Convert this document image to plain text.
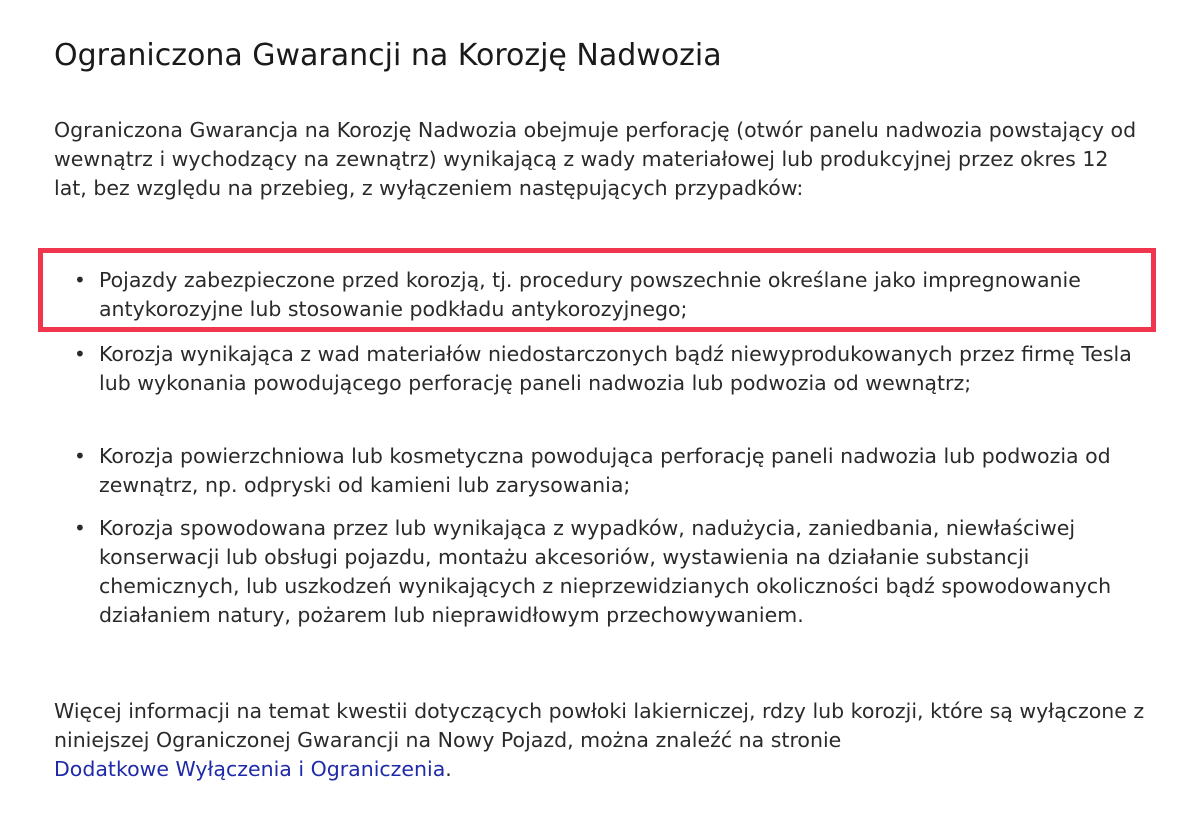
Ograniczona Gwarancji na Korozję Nadwozia

Ograniczona Gwarancja na Korozję Nadwozia obejmuje perforację (otwór panelu nadwozia powstający od wewnątrz i wychodzący na zewnątrz) wynikającą z wady materiałowej lub produkcyjnej przez okres 12 lat, bez względu na przebieg, z wyłączeniem następujących przypadków:

• Pojazdy zabezpieczone przed korozją, tj. procedury powszechnie określane jako impregnowanie antykorozyjne lub stosowanie podkładu antykorozyjnego;

• Korozja wynikająca z wad materiałów niedostarczonych bądź niewyprodukowanych przez firmę Tesla lub wykonania powodującego perforację paneli nadwozia lub podwozia od wewnątrz;

• Korozja powierzchniowa lub kosmetyczna powodująca perforację paneli nadwozia lub podwozia od zewnątrz, np. odpryski od kamieni lub zarysowania;

• Korozja spowodowana przez lub wynikająca z wypadków, nadużycia, zaniedbania, niewłaściwej konserwacji lub obsługi pojazdu, montażu akcesoriów, wystawienia na działanie substancji chemicznych, lub uszkodzeń wynikających z nieprzewidzianych okoliczności bądź spowodowanych działaniem natury, pożarem lub nieprawidłowym przechowywaniem.

Więcej informacji na temat kwestii dotyczących powłoki lakierniczej, rdzy lub korozji, które są wyłączone z niniejszej Ograniczonej Gwarancji na Nowy Pojazd, można znaleźć na stronie
Dodatkowe Wyłączenia i Ograniczenia.
